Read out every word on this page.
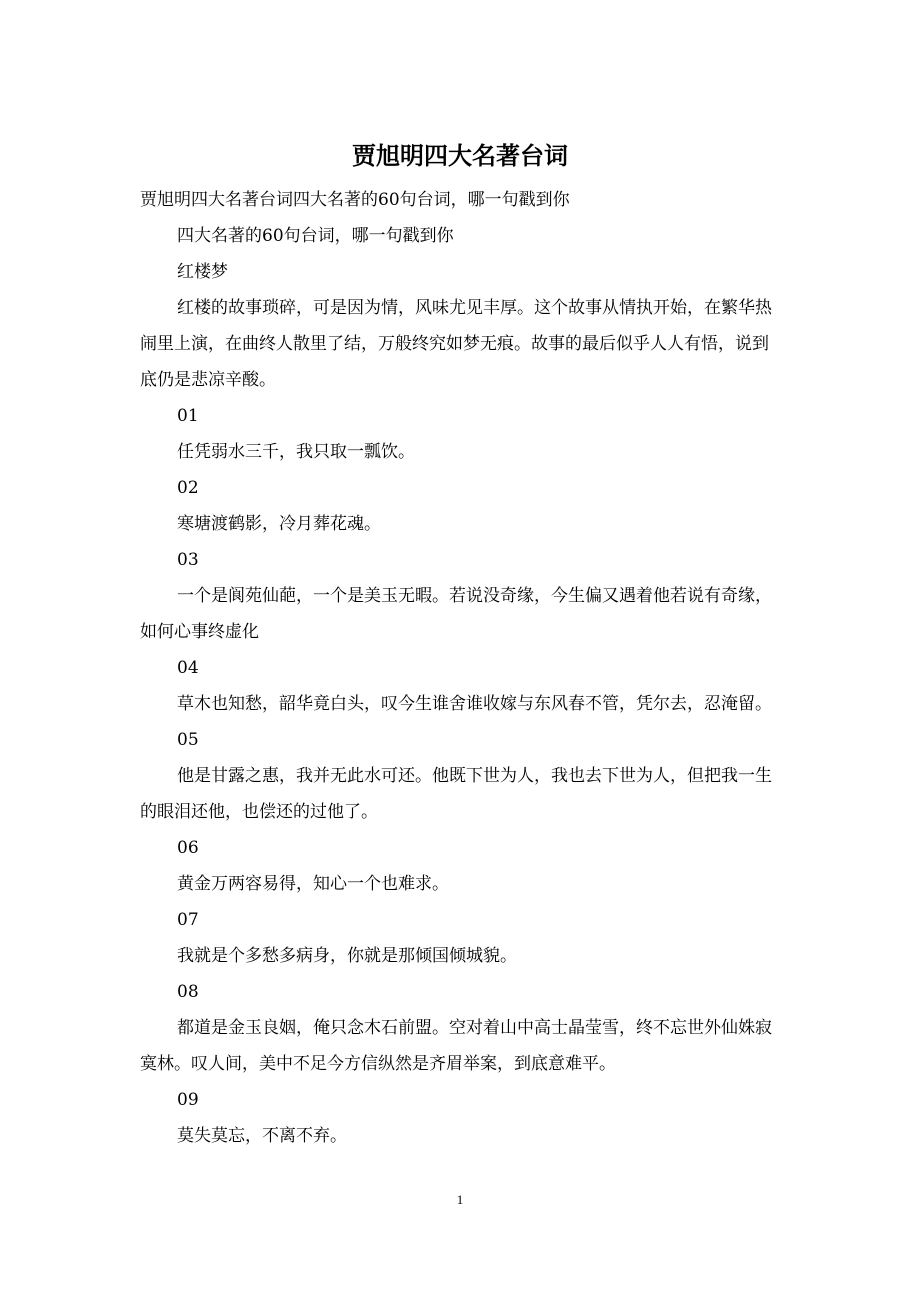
贾旭明四大名著台词

贾旭明四大名著台词四大名著的60句台词，哪一句戳到你

四大名著的60句台词，哪一句戳到你

红楼梦

红楼的故事琐碎，可是因为情，风味尤见丰厚。这个故事从情执开始，在繁华热闹里上演，在曲终人散里了结，万般终究如梦无痕。故事的最后似乎人人有悟，说到底仍是悲凉辛酸。

01

任凭弱水三千，我只取一瓢饮。

02

寒塘渡鹤影，冷月葬花魂。

03

一个是阆苑仙葩，一个是美玉无暇。若说没奇缘，今生偏又遇着他若说有奇缘，如何心事终虚化

04

草木也知愁，韶华竟白头，叹今生谁舍谁收嫁与东风春不管，凭尔去，忍淹留。

05

他是甘露之惠，我并无此水可还。他既下世为人，我也去下世为人，但把我一生的眼泪还他，也偿还的过他了。

06

黄金万两容易得，知心一个也难求。

07

我就是个多愁多病身，你就是那倾国倾城貌。

08

都道是金玉良姻，俺只念木石前盟。空对着山中高士晶莹雪，终不忘世外仙姝寂寞林。叹人间，美中不足今方信纵然是齐眉举案，到底意难平。

09

莫失莫忘，不离不弃。

1
